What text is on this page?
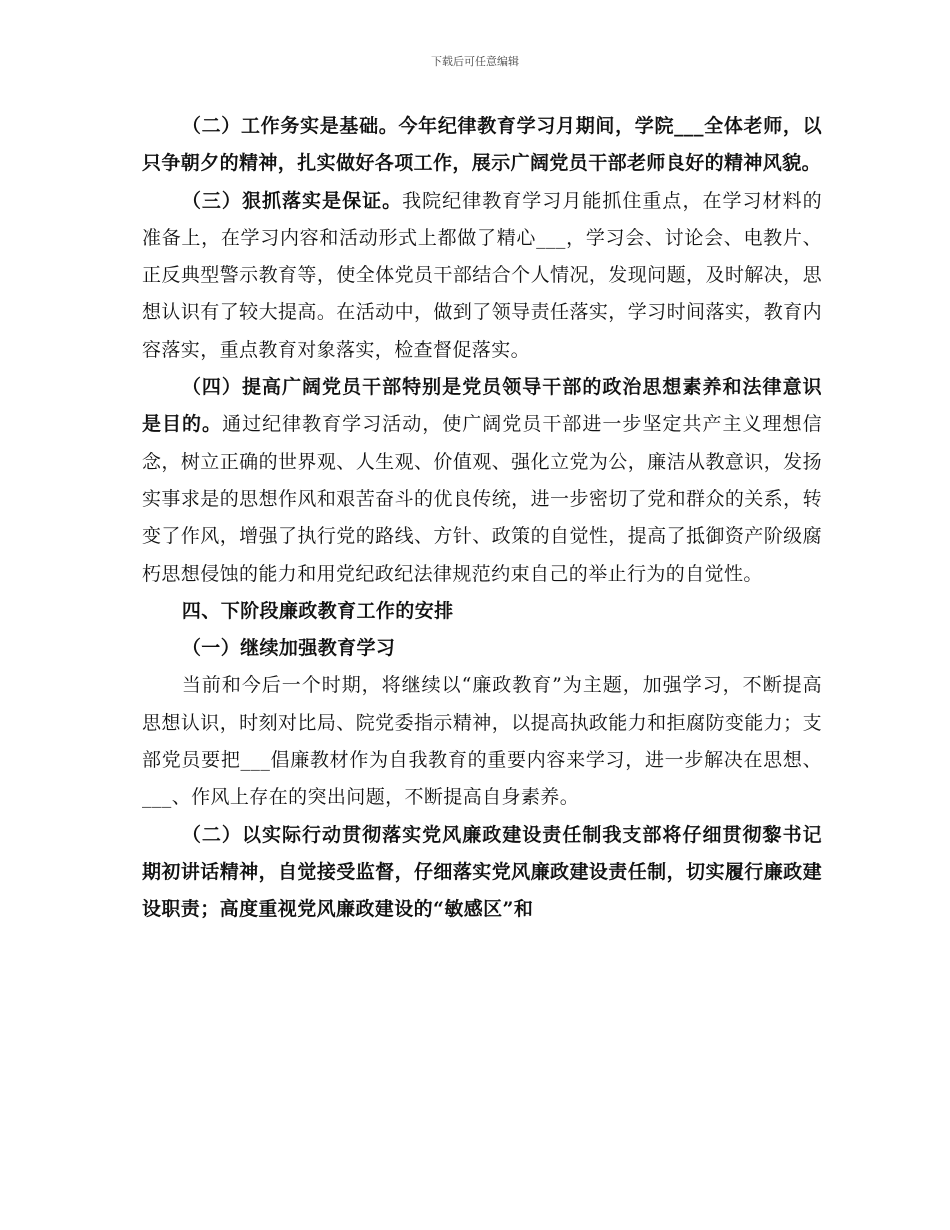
下载后可任意编辑

（二）工作务实是基础。今年纪律教育学习月期间，学院___全体老师，以只争朝夕的精神，扎实做好各项工作，展示广阔党员干部老师良好的精神风貌。

（三）狠抓落实是保证。我院纪律教育学习月能抓住重点，在学习材料的准备上，在学习内容和活动形式上都做了精心___，学习会、讨论会、电教片、正反典型警示教育等，使全体党员干部结合个人情况，发现问题，及时解决，思想认识有了较大提高。在活动中，做到了领导责任落实，学习时间落实，教育内容落实，重点教育对象落实，检查督促落实。

（四）提高广阔党员干部特别是党员领导干部的政治思想素养和法律意识是目的。通过纪律教育学习活动，使广阔党员干部进一步坚定共产主义理想信念，树立正确的世界观、人生观、价值观、强化立党为公，廉洁从教意识，发扬实事求是的思想作风和艰苦奋斗的优良传统，进一步密切了党和群众的关系，转变了作风，增强了执行党的路线、方针、政策的自觉性，提高了抵御资产阶级腐朽思想侵蚀的能力和用党纪政纪法律规范约束自己的举止行为的自觉性。

四、下阶段廉政教育工作的安排

（一）继续加强教育学习

当前和今后一个时期，将继续以“廉政教育”为主题，加强学习，不断提高思想认识，时刻对比局、院党委指示精神，以提高执政能力和拒腐防变能力；支部党员要把___倡廉教材作为自我教育的重要内容来学习，进一步解决在思想、___、作风上存在的突出问题，不断提高自身素养。

（二）以实际行动贯彻落实党风廉政建设责任制我支部将仔细贯彻黎书记期初讲话精神，自觉接受监督，仔细落实党风廉政建设责任制，切实履行廉政建设职责；高度重视党风廉政建设的“敏感区”和
